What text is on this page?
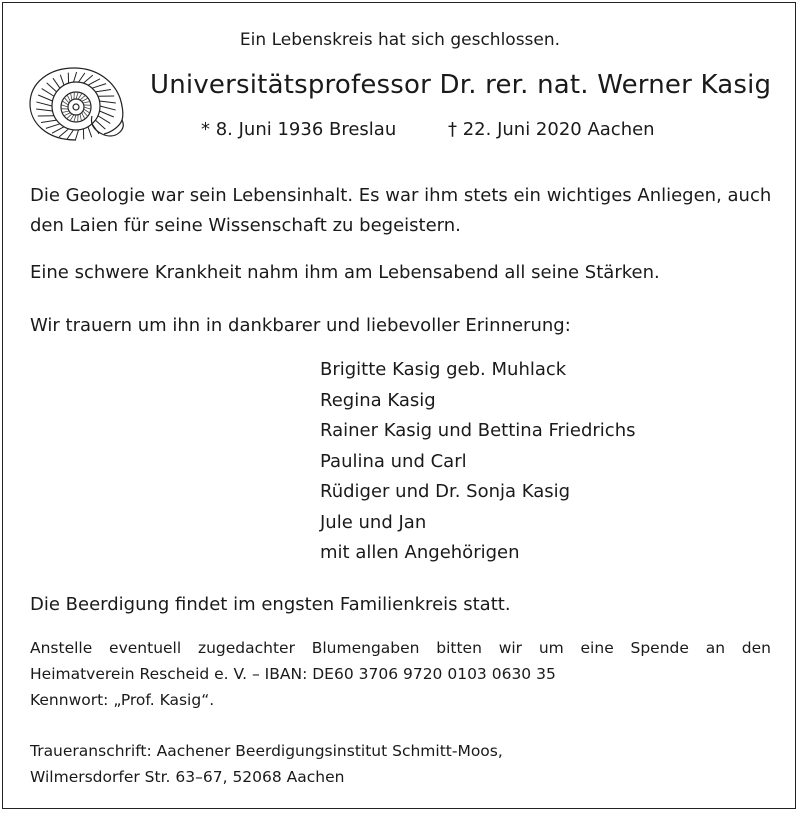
Ein Lebenskreis hat sich geschlossen.
Universitätsprofessor Dr. rer. nat. Werner Kasig
* 8. Juni 1936 Breslau	† 22. Juni 2020 Aachen
Die Geologie war sein Lebensinhalt. Es war ihm stets ein wichtiges Anliegen, auch den Laien für seine Wissenschaft zu begeistern.
Eine schwere Krankheit nahm ihm am Lebensabend all seine Stärken.
Wir trauern um ihn in dankbarer und liebevoller Erinnerung:
Brigitte Kasig geb. Muhlack
Regina Kasig
Rainer Kasig und Bettina Friedrichs
Paulina und Carl
Rüdiger und Dr. Sonja Kasig
Jule und Jan
mit allen Angehörigen
Die Beerdigung findet im engsten Familienkreis statt.
Anstelle eventuell zugedachter Blumengaben bitten wir um eine Spende an den
Heimatverein Rescheid e. V. – IBAN: DE60 3706 9720 0103 0630 35
Kennwort: „Prof. Kasig“.
Traueranschrift: Aachener Beerdigungsinstitut Schmitt-Moos,
Wilmersdorfer Str. 63–67, 52068 Aachen
